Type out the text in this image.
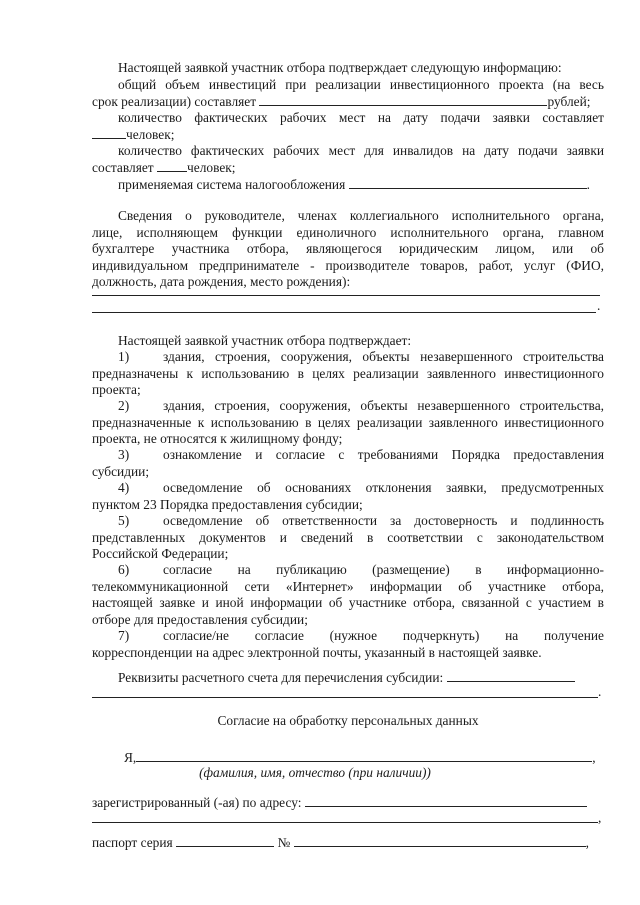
Настоящей заявкой участник отбора подтверждает следующую информацию:
общий объем инвестиций при реализации инвестиционного проекта (на весь
срок реализации) составляет	рублей;
количество фактических рабочих мест на дату подачи заявки составляет
человек;
количество фактических рабочих мест для инвалидов на дату подачи заявки
составляет человек;
применяемая система налогообложения	.
Сведения о руководителе, членах коллегиального исполнительного органа,
лице, исполняющем функции единоличного исполнительного органа, главном
бухгалтере участника отбора, являющегося юридическим лицом, или об
индивидуальном предпринимателе - производителе товаров, работ, услуг (ФИО,
должность, дата рождения, место рождения):
.
Настоящей заявкой участник отбора подтверждает:
1)	здания, строения, сооружения, объекты незавершенного строительства
предназначены к использованию в целях реализации заявленного инвестиционного
проекта;
2)	здания, строения, сооружения, объекты незавершенного строительства,
предназначенные к использованию в целях реализации заявленного инвестиционного
проекта, не относятся к жилищному фонду;
3)	ознакомление и согласие с требованиями Порядка предоставления
субсидии;
4)	осведомление об основаниях отклонения заявки, предусмотренных
пунктом 23 Порядка предоставления субсидии;
5)	осведомление об ответственности за достоверность и подлинность
представленных документов и сведений в соответствии с законодательством
Российской Федерации;
6)	согласие на публикацию (размещение) в информационно-
телекоммуникационной сети «Интернет» информации об участнике отбора,
настоящей заявке и иной информации об участнике отбора, связанной с участием в
отборе для предоставления субсидии;
7)	согласие/не согласие (нужное подчеркнуть) на получение
корреспонденции на адрес электронной почты, указанный в настоящей заявке.
Реквизиты расчетного счета для перечисления субсидии:
.
Согласие на обработку персональных данных
Я,	,
(фамилия, имя, отчество (при наличии))
зарегистрированный (-ая) по адресу:
,
паспорт серия	№	,
